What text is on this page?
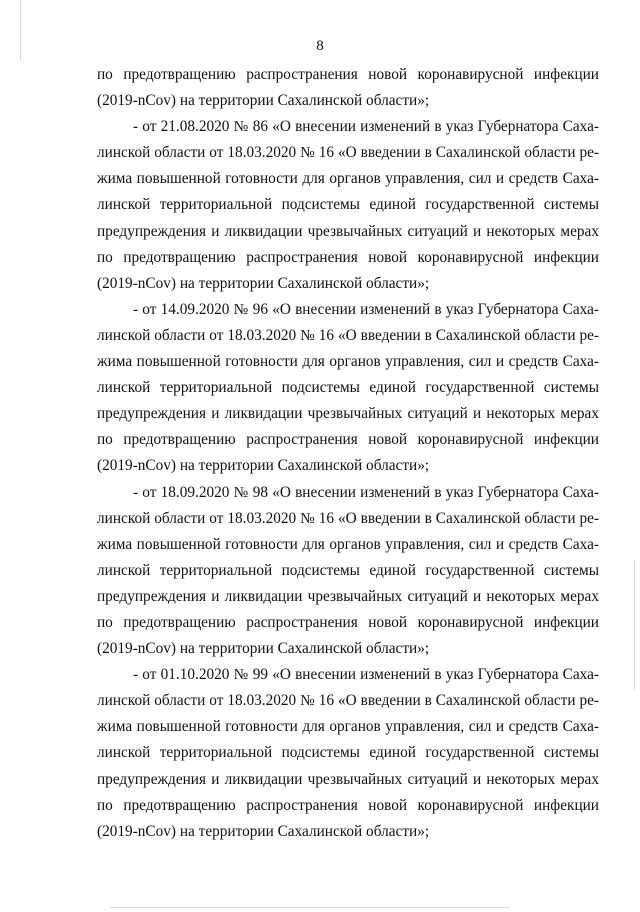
8
по предотвращению распространения новой коронавирусной инфекции
(2019-nCov) на территории Сахалинской области»;
- от 21.08.2020 № 86 «О внесении изменений в указ Губернатора Саха-
линской области от 18.03.2020 № 16 «О введении в Сахалинской области ре-
жима повышенной готовности для органов управления, сил и средств Саха-
линской территориальной подсистемы единой государственной системы
предупреждения и ликвидации чрезвычайных ситуаций и некоторых мерах
по предотвращению распространения новой коронавирусной инфекции
(2019-nCov) на территории Сахалинской области»;
- от 14.09.2020 № 96 «О внесении изменений в указ Губернатора Саха-
линской области от 18.03.2020 № 16 «О введении в Сахалинской области ре-
жима повышенной готовности для органов управления, сил и средств Саха-
линской территориальной подсистемы единой государственной системы
предупреждения и ликвидации чрезвычайных ситуаций и некоторых мерах
по предотвращению распространения новой коронавирусной инфекции
(2019-nCov) на территории Сахалинской области»;
- от 18.09.2020 № 98 «О внесении изменений в указ Губернатора Саха-
линской области от 18.03.2020 № 16 «О введении в Сахалинской области ре-
жима повышенной готовности для органов управления, сил и средств Саха-
линской территориальной подсистемы единой государственной системы
предупреждения и ликвидации чрезвычайных ситуаций и некоторых мерах
по предотвращению распространения новой коронавирусной инфекции
(2019-nCov) на территории Сахалинской области»;
- от 01.10.2020 № 99 «О внесении изменений в указ Губернатора Саха-
линской области от 18.03.2020 № 16 «О введении в Сахалинской области ре-
жима повышенной готовности для органов управления, сил и средств Саха-
линской территориальной подсистемы единой государственной системы
предупреждения и ликвидации чрезвычайных ситуаций и некоторых мерах
по предотвращению распространения новой коронавирусной инфекции
(2019-nCov) на территории Сахалинской области»;
